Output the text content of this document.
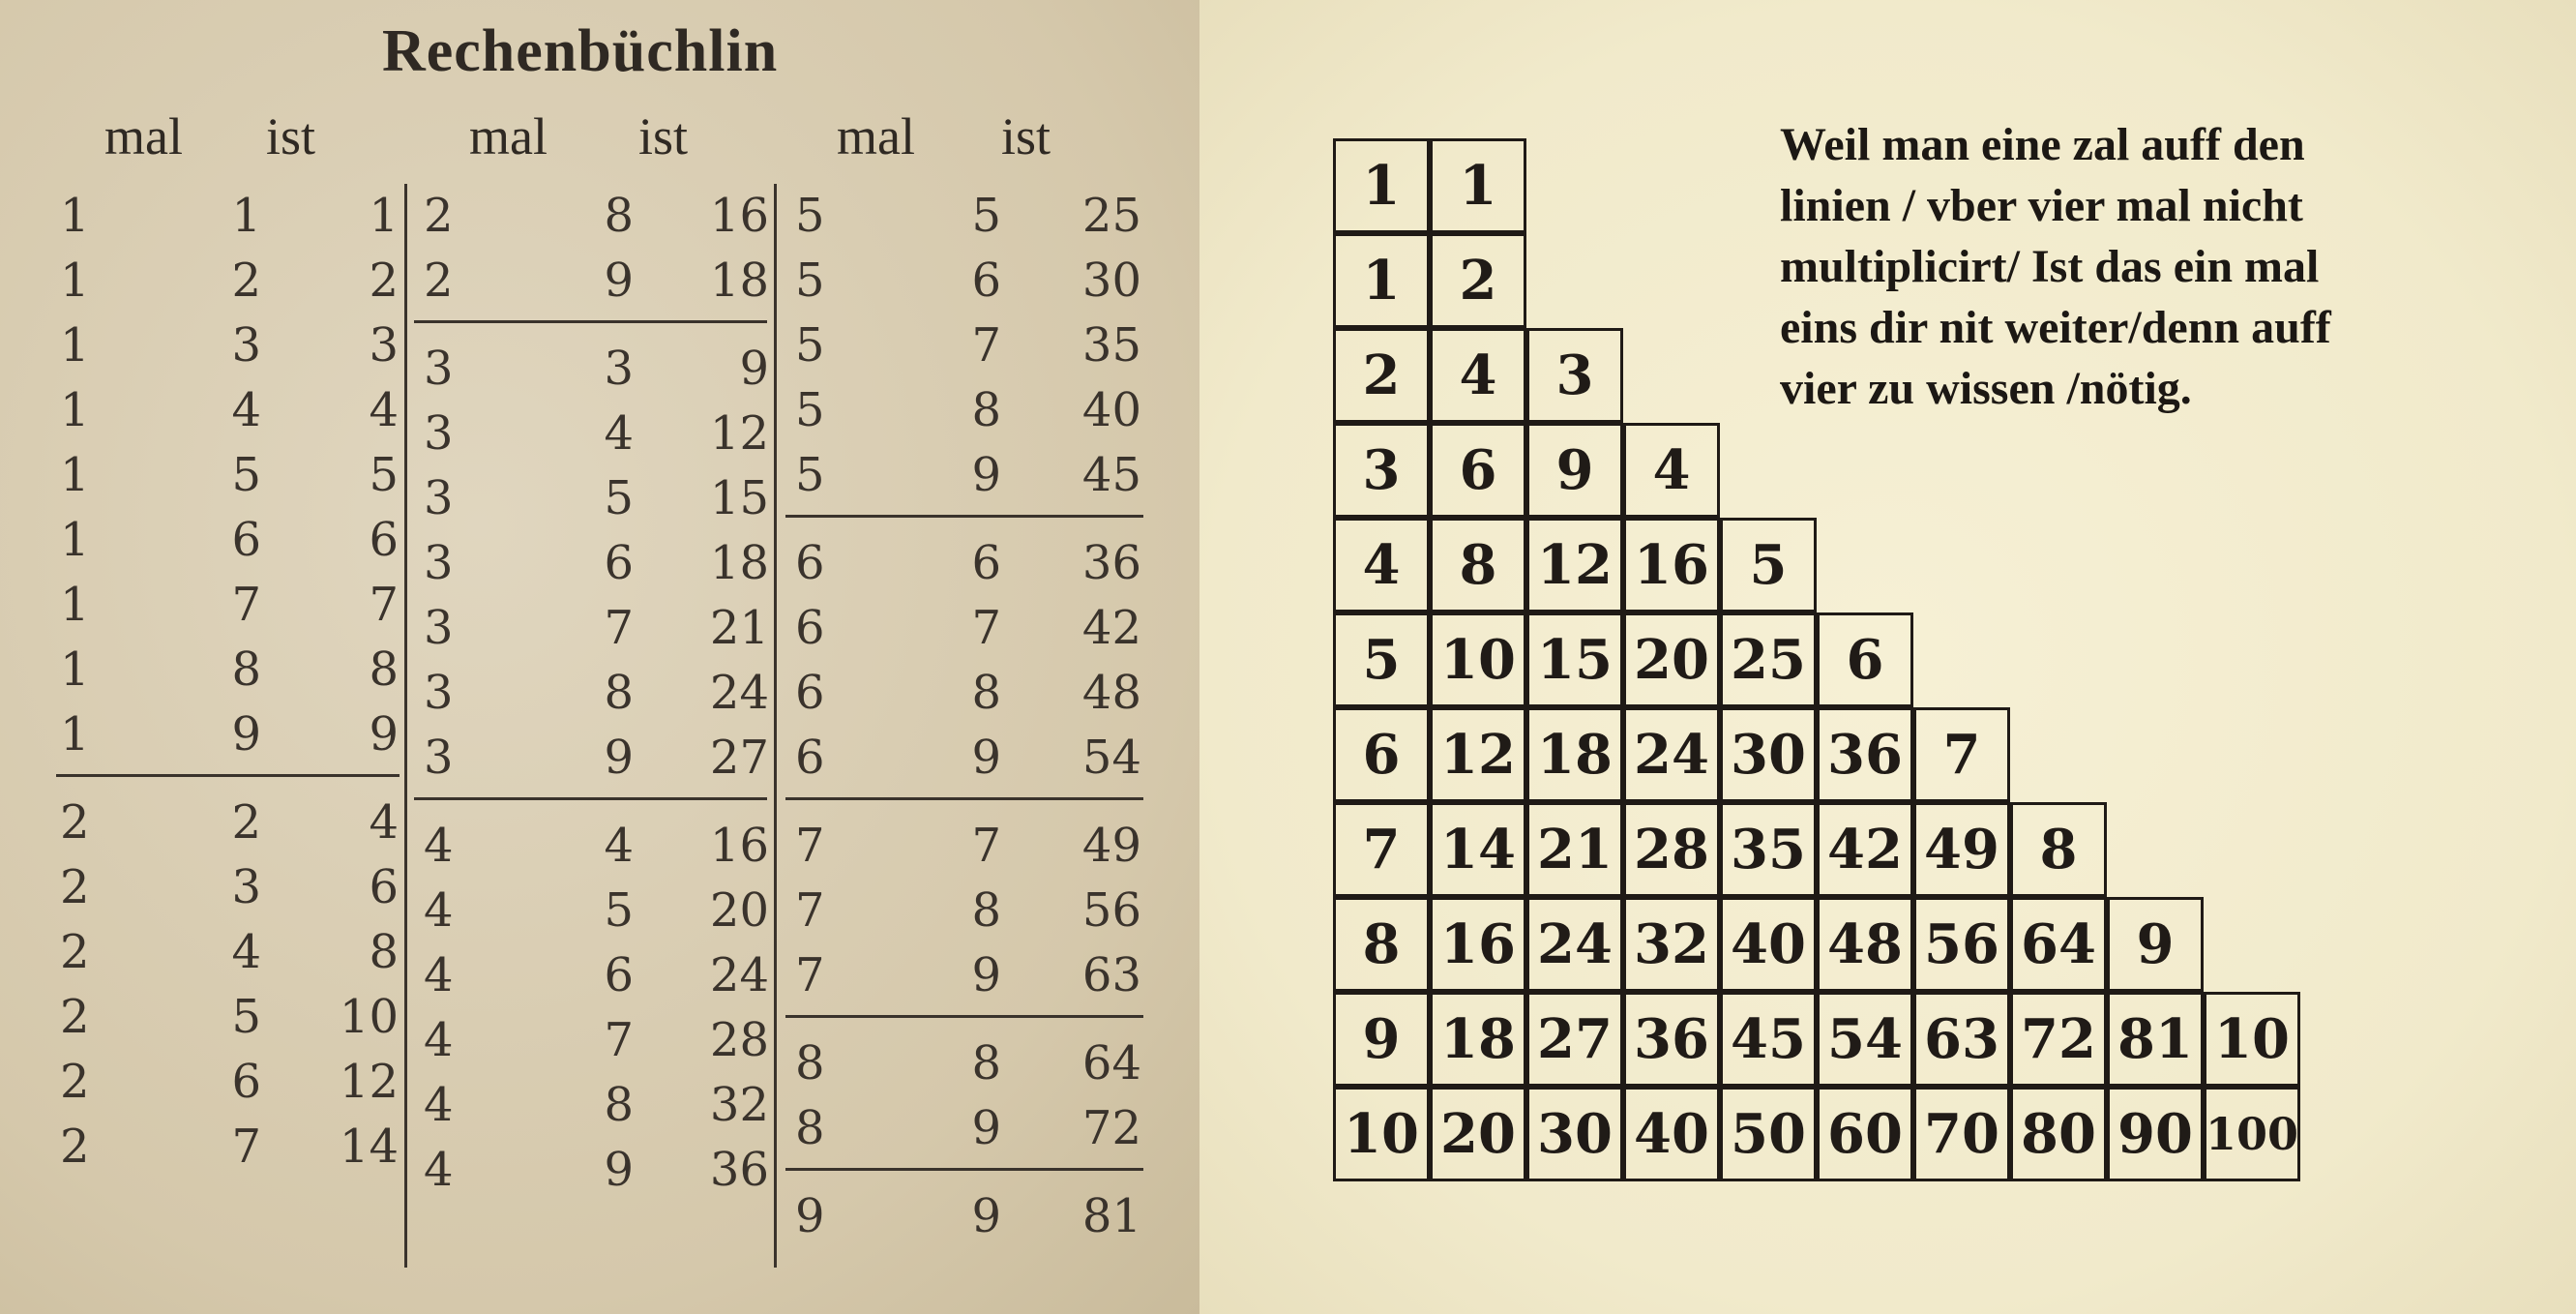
Rechenbüchlin
mal ist	mal ist	mal ist
1	1	1
1	2	2
1	3	3
1	4	4
1	5	5
1	6	6
1	7	7
1	8	8
1	9	9
2	2	4
2	3	6
2	4	8
2	5	10
2	6	12
2	7	14
2	8	16
2	9	18
3	3	9
3	4	12
3	5	15
3	6	18
3	7	21
3	8	24
3	9	27
4	4	16
4	5	20
4	6	24
4	7	28
4	8	32
4	9	36
5	5	25
5	6	30
5	7	35
5	8	40
5	9	45
6	6	36
6	7	42
6	8	48
6	9	54
7	7	49
7	8	56
7	9	63
8	8	64
8	9	72
9	9	81
Weil man eine zal auff den
linien / vber vier mal nicht
multiplicirt/ Ist das ein mal
eins dir nit weiter/denn auff
vier zu wissen /nötig.
1	1
1	2
2	4	3
3	6	9	4
4	8 12 16 5
5 10 15 20 25 6
6 12 18 24 30 36 7
7 14 21 28 35 42 49 8
8 16 24 32 40 48 56 64 9
9 18 27 36 45 54 63 72 81 10
10 20 30 40 50 60 70 80 90 100
